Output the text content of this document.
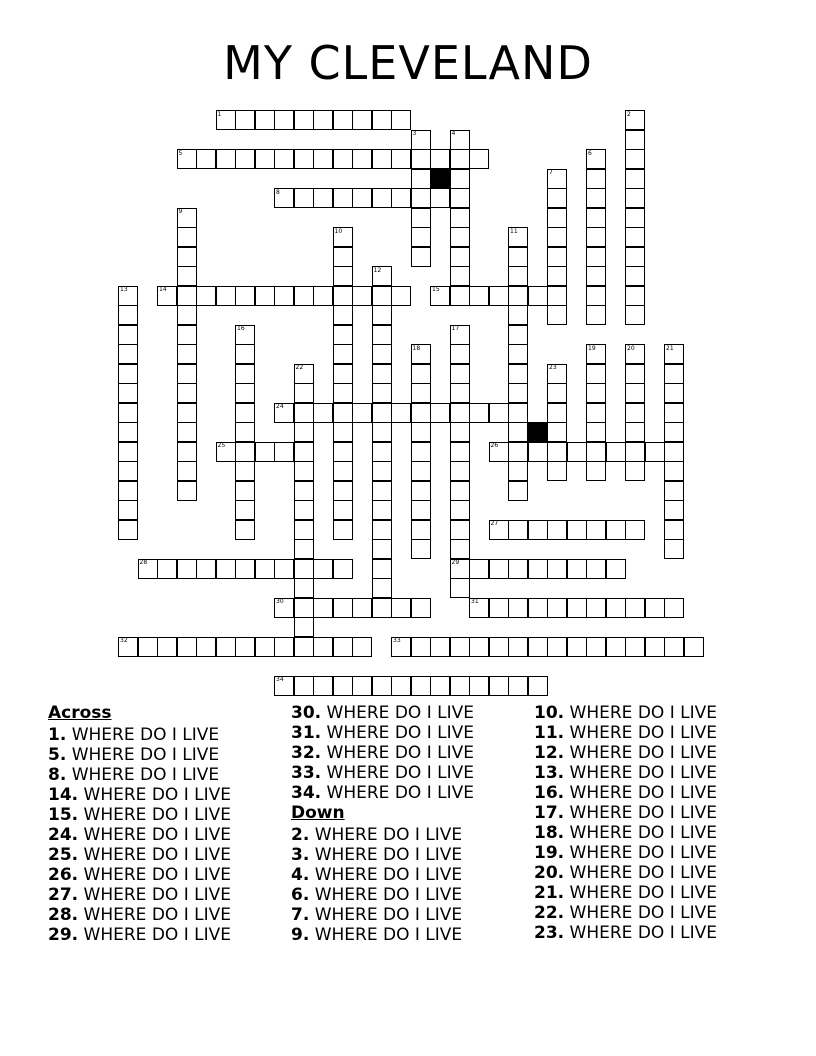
MY CLEVELAND
1
5
8
14	15
24
25	26
27
28	29
30	31
32	33
34
2
3	4
6
7
9
10	11
12
13
16	17
18	19	20	21
22	23
Across
1. WHERE DO I LIVE
5. WHERE DO I LIVE
8. WHERE DO I LIVE
14. WHERE DO I LIVE
15. WHERE DO I LIVE
24. WHERE DO I LIVE
25. WHERE DO I LIVE
26. WHERE DO I LIVE
27. WHERE DO I LIVE
28. WHERE DO I LIVE
29. WHERE DO I LIVE
30. WHERE DO I LIVE
31. WHERE DO I LIVE
32. WHERE DO I LIVE
33. WHERE DO I LIVE
34. WHERE DO I LIVE
Down
2. WHERE DO I LIVE
3. WHERE DO I LIVE
4. WHERE DO I LIVE
6. WHERE DO I LIVE
7. WHERE DO I LIVE
9. WHERE DO I LIVE
10. WHERE DO I LIVE
11. WHERE DO I LIVE
12. WHERE DO I LIVE
13. WHERE DO I LIVE
16. WHERE DO I LIVE
17. WHERE DO I LIVE
18. WHERE DO I LIVE
19. WHERE DO I LIVE
20. WHERE DO I LIVE
21. WHERE DO I LIVE
22. WHERE DO I LIVE
23. WHERE DO I LIVE
